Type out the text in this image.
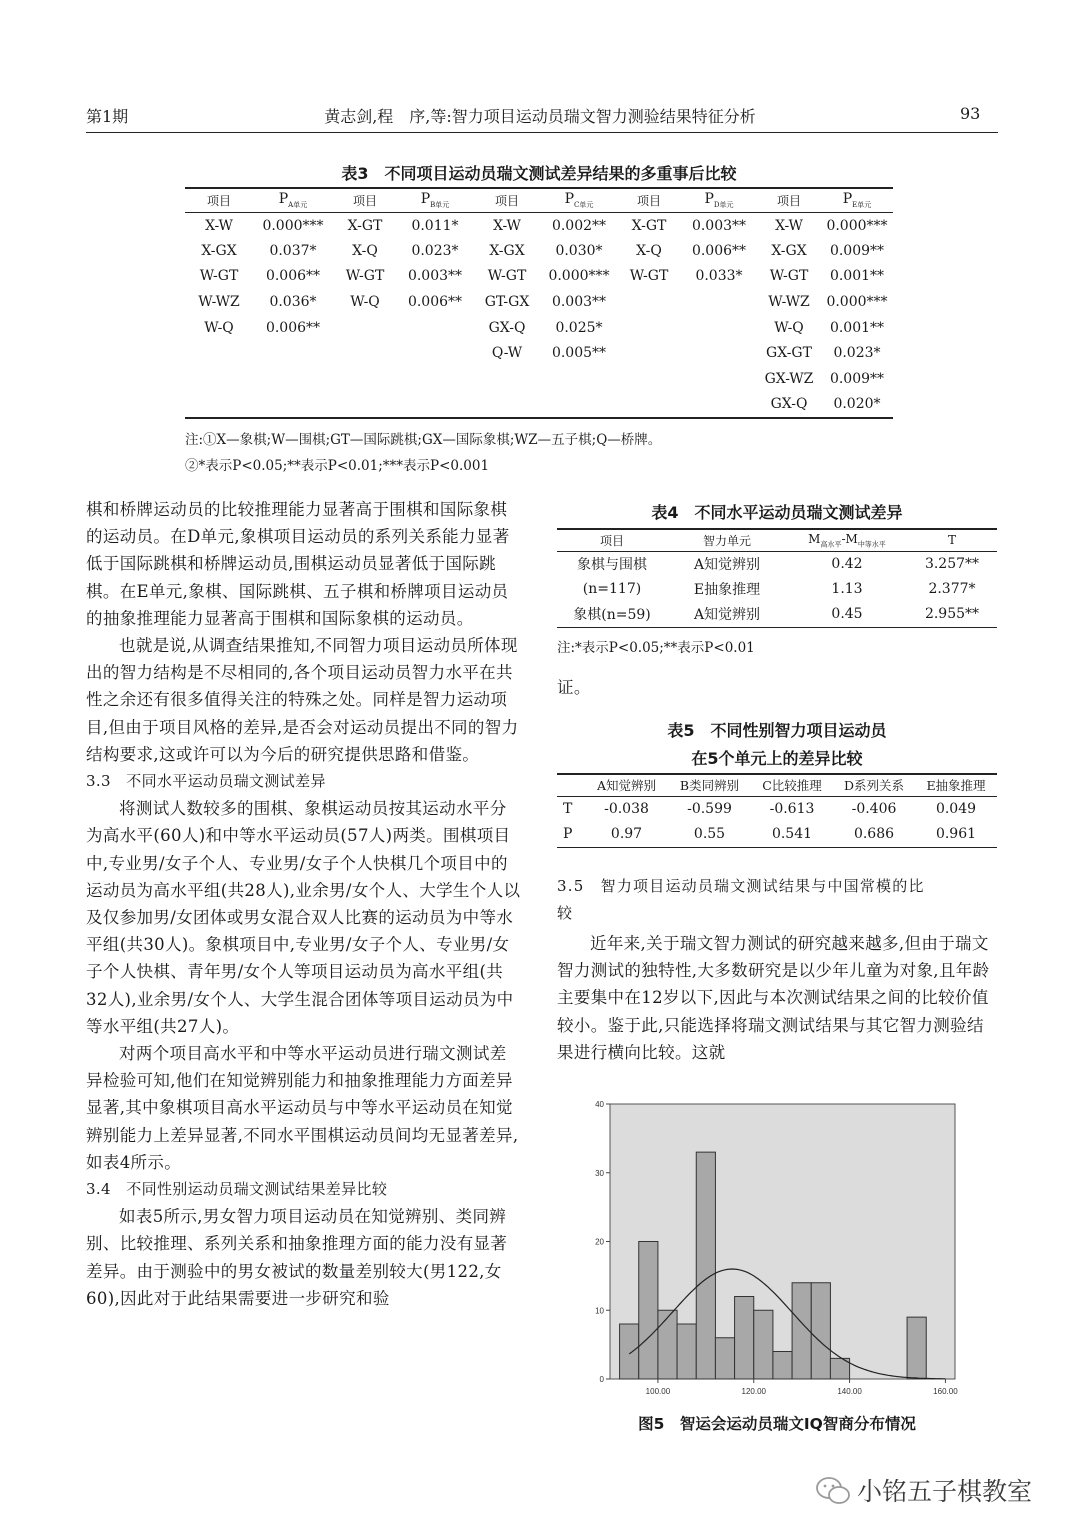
第1期	黄志剑,程　序,等:智力项目运动员瑞文智力测验结果特征分析	93
表3　不同项目运动员瑞文测试差异结果的多重事后比较
项目	$P_{A单元}$	项目	$P_{B单元}$	项目	$P_{C单元}$	项目	$P_{D单元}$	项目	$P_{E单元}$
X-W	0.000***	X-GT	0.011*	X-W	0.002**	X-GT	0.003**	X-W	0.000***
X-GX	0.037*	X-Q	0.023*	X-GX	0.030*	X-Q	0.006**	X-GX	0.009**
W-GT	0.006**	W-GT	0.003**	W-GT	0.000***	W-GT	0.033*	W-GT	0.001**
W-WZ	0.036*	W-Q	0.006**	GT-GX	0.003**			W-WZ	0.000***
W-Q	0.006**			GX-Q	0.025*			W-Q	0.001**
				Q-W	0.005**			GX-GT	0.023*
								GX-WZ	0.009**
								GX-Q	0.020*
注:①X—象棋;W—围棋;GT—国际跳棋;GX—国际象棋;WZ—五子棋;Q—桥牌。
②*表示P<0.05;**表示P<0.01;***表示P<0.001

棋和桥牌运动员的比较推理能力显著高于围棋和国际象棋的运动员。在D单元,象棋项目运动员的系列关系能力显著低于国际跳棋和桥牌运动员,围棋运动员显著低于国际跳棋。在E单元,象棋、国际跳棋、五子棋和桥牌项目运动员的抽象推理能力显著高于围棋和国际象棋的运动员。

也就是说,从调查结果推知,不同智力项目运动员所体现出的智力结构是不尽相同的,各个项目运动员智力水平在共性之余还有很多值得关注的特殊之处。同样是智力运动项目,但由于项目风格的差异,是否会对运动员提出不同的智力结构要求,这或许可以为今后的研究提供思路和借鉴。

3.3　不同水平运动员瑞文测试差异

将测试人数较多的围棋、象棋运动员按其运动水平分为高水平(60人)和中等水平运动员(57人)两类。围棋项目中,专业男/女子个人、专业男/女子个人快棋几个项目中的运动员为高水平组(共28人),业余男/女个人、大学生个人以及仅参加男/女团体或男女混合双人比赛的运动员为中等水平组(共30人)。象棋项目中,专业男/女子个人、专业男/女子个人快棋、青年男/女个人等项目运动员为高水平组(共32人),业余男/女个人、大学生混合团体等项目运动员为中等水平组(共27人)。

对两个项目高水平和中等水平运动员进行瑞文测试差异检验可知,他们在知觉辨别能力和抽象推理能力方面差异显著,其中象棋项目高水平运动员与中等水平运动员在知觉辨别能力上差异显著,不同水平围棋运动员间均无显著差异,如表4所示。

3.4　不同性别运动员瑞文测试结果差异比较

如表5所示,男女智力项目运动员在知觉辨别、类同辨别、比较推理、系列关系和抽象推理方面的能力没有显著差异。由于测验中的男女被试的数量差别较大(男122,女60),因此对于此结果需要进一步研究和验

表4　不同水平运动员瑞文测试差异
项目	智力单元	$M_{高水平}-M_{中等水平}$	T
象棋与围棋	A知觉辨别	0.42	3.257**
(n=117)	E抽象推理	1.13	2.377*
象棋(n=59)	A知觉辨别	0.45	2.955**
注:*表示P<0.05;**表示P<0.01
证。
表5　不同性别智力项目运动员
在5个单元上的差异比较
	A知觉辨别	B类同辨别	C比较推理	D系列关系	E抽象推理
T	-0.038	-0.599	-0.613	-0.406	0.049
P	0.97	0.55	0.541	0.686	0.961
3.5　智力项目运动员瑞文测试结果与中国常模的比
较

近年来,关于瑞文智力测试的研究越来越多,但由于瑞文智力测试的独特性,大多数研究是以少年儿童为对象,且年龄主要集中在12岁以下,因此与本次测试结果之间的比较价值较小。鉴于此,只能选择将瑞文测试结果与其它智力测验结果进行横向比较。这就

0
10
20
30
40
100.00	120.00	140.00	160.00
图5　智运会运动员瑞文IQ智商分布情况
小铭五子棋教室
